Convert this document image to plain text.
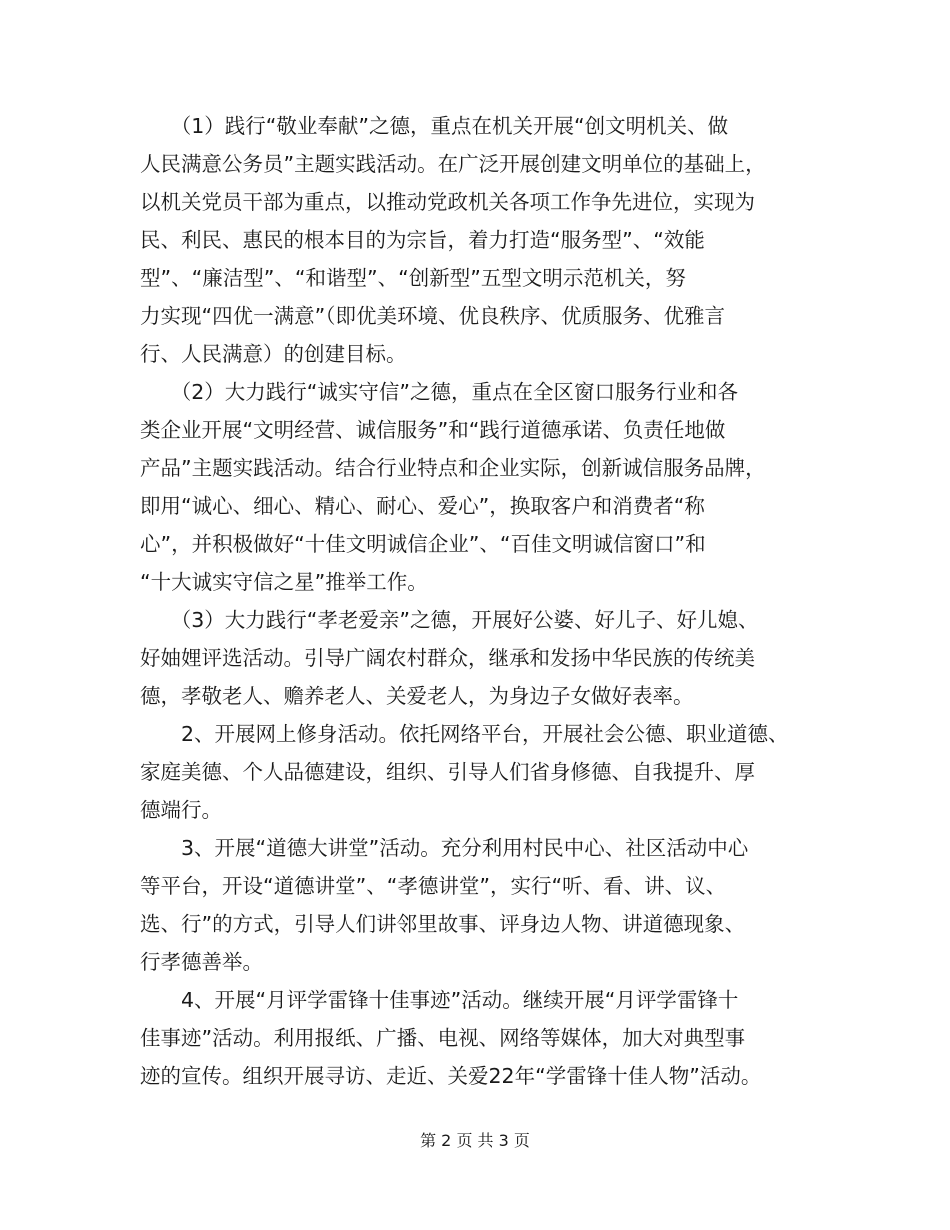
　　（1）践行“敬业奉献”之德，重点在机关开展“创文明机关、做
人民满意公务员”主题实践活动。在广泛开展创建文明单位的基础上，
以机关党员干部为重点，以推动党政机关各项工作争先进位，实现为
民、利民、惠民的根本目的为宗旨，着力打造“服务型”、“效能
型”、“廉洁型”、“和谐型”、“创新型”五型文明示范机关，努
力实现“四优一满意”（即优美环境、优良秩序、优质服务、优雅言
行、人民满意）的创建目标。
　　（2）大力践行“诚实守信”之德，重点在全区窗口服务行业和各
类企业开展“文明经营、诚信服务”和“践行道德承诺、负责任地做
产品”主题实践活动。结合行业特点和企业实际，创新诚信服务品牌，
即用“诚心、细心、精心、耐心、爱心”，换取客户和消费者“称
心”，并积极做好“十佳文明诚信企业”、“百佳文明诚信窗口”和
“十大诚实守信之星”推举工作。
　　（3）大力践行“孝老爱亲”之德，开展好公婆、好儿子、好儿媳、
好妯娌评选活动。引导广阔农村群众，继承和发扬中华民族的传统美
德，孝敬老人、赡养老人、关爱老人，为身边子女做好表率。
　　2、开展网上修身活动。依托网络平台，开展社会公德、职业道德、
家庭美德、个人品德建设，组织、引导人们省身修德、自我提升、厚
德端行。
　　3、开展“道德大讲堂”活动。充分利用村民中心、社区活动中心
等平台，开设“道德讲堂”、“孝德讲堂”，实行“听、看、讲、议、
选、行”的方式，引导人们讲邻里故事、评身边人物、讲道德现象、
行孝德善举。
　　4、开展“月评学雷锋十佳事迹”活动。继续开展“月评学雷锋十
佳事迹”活动。利用报纸、广播、电视、网络等媒体，加大对典型事
迹的宣传。组织开展寻访、走近、关爱22年“学雷锋十佳人物”活动。
第 2 页 共 3 页
